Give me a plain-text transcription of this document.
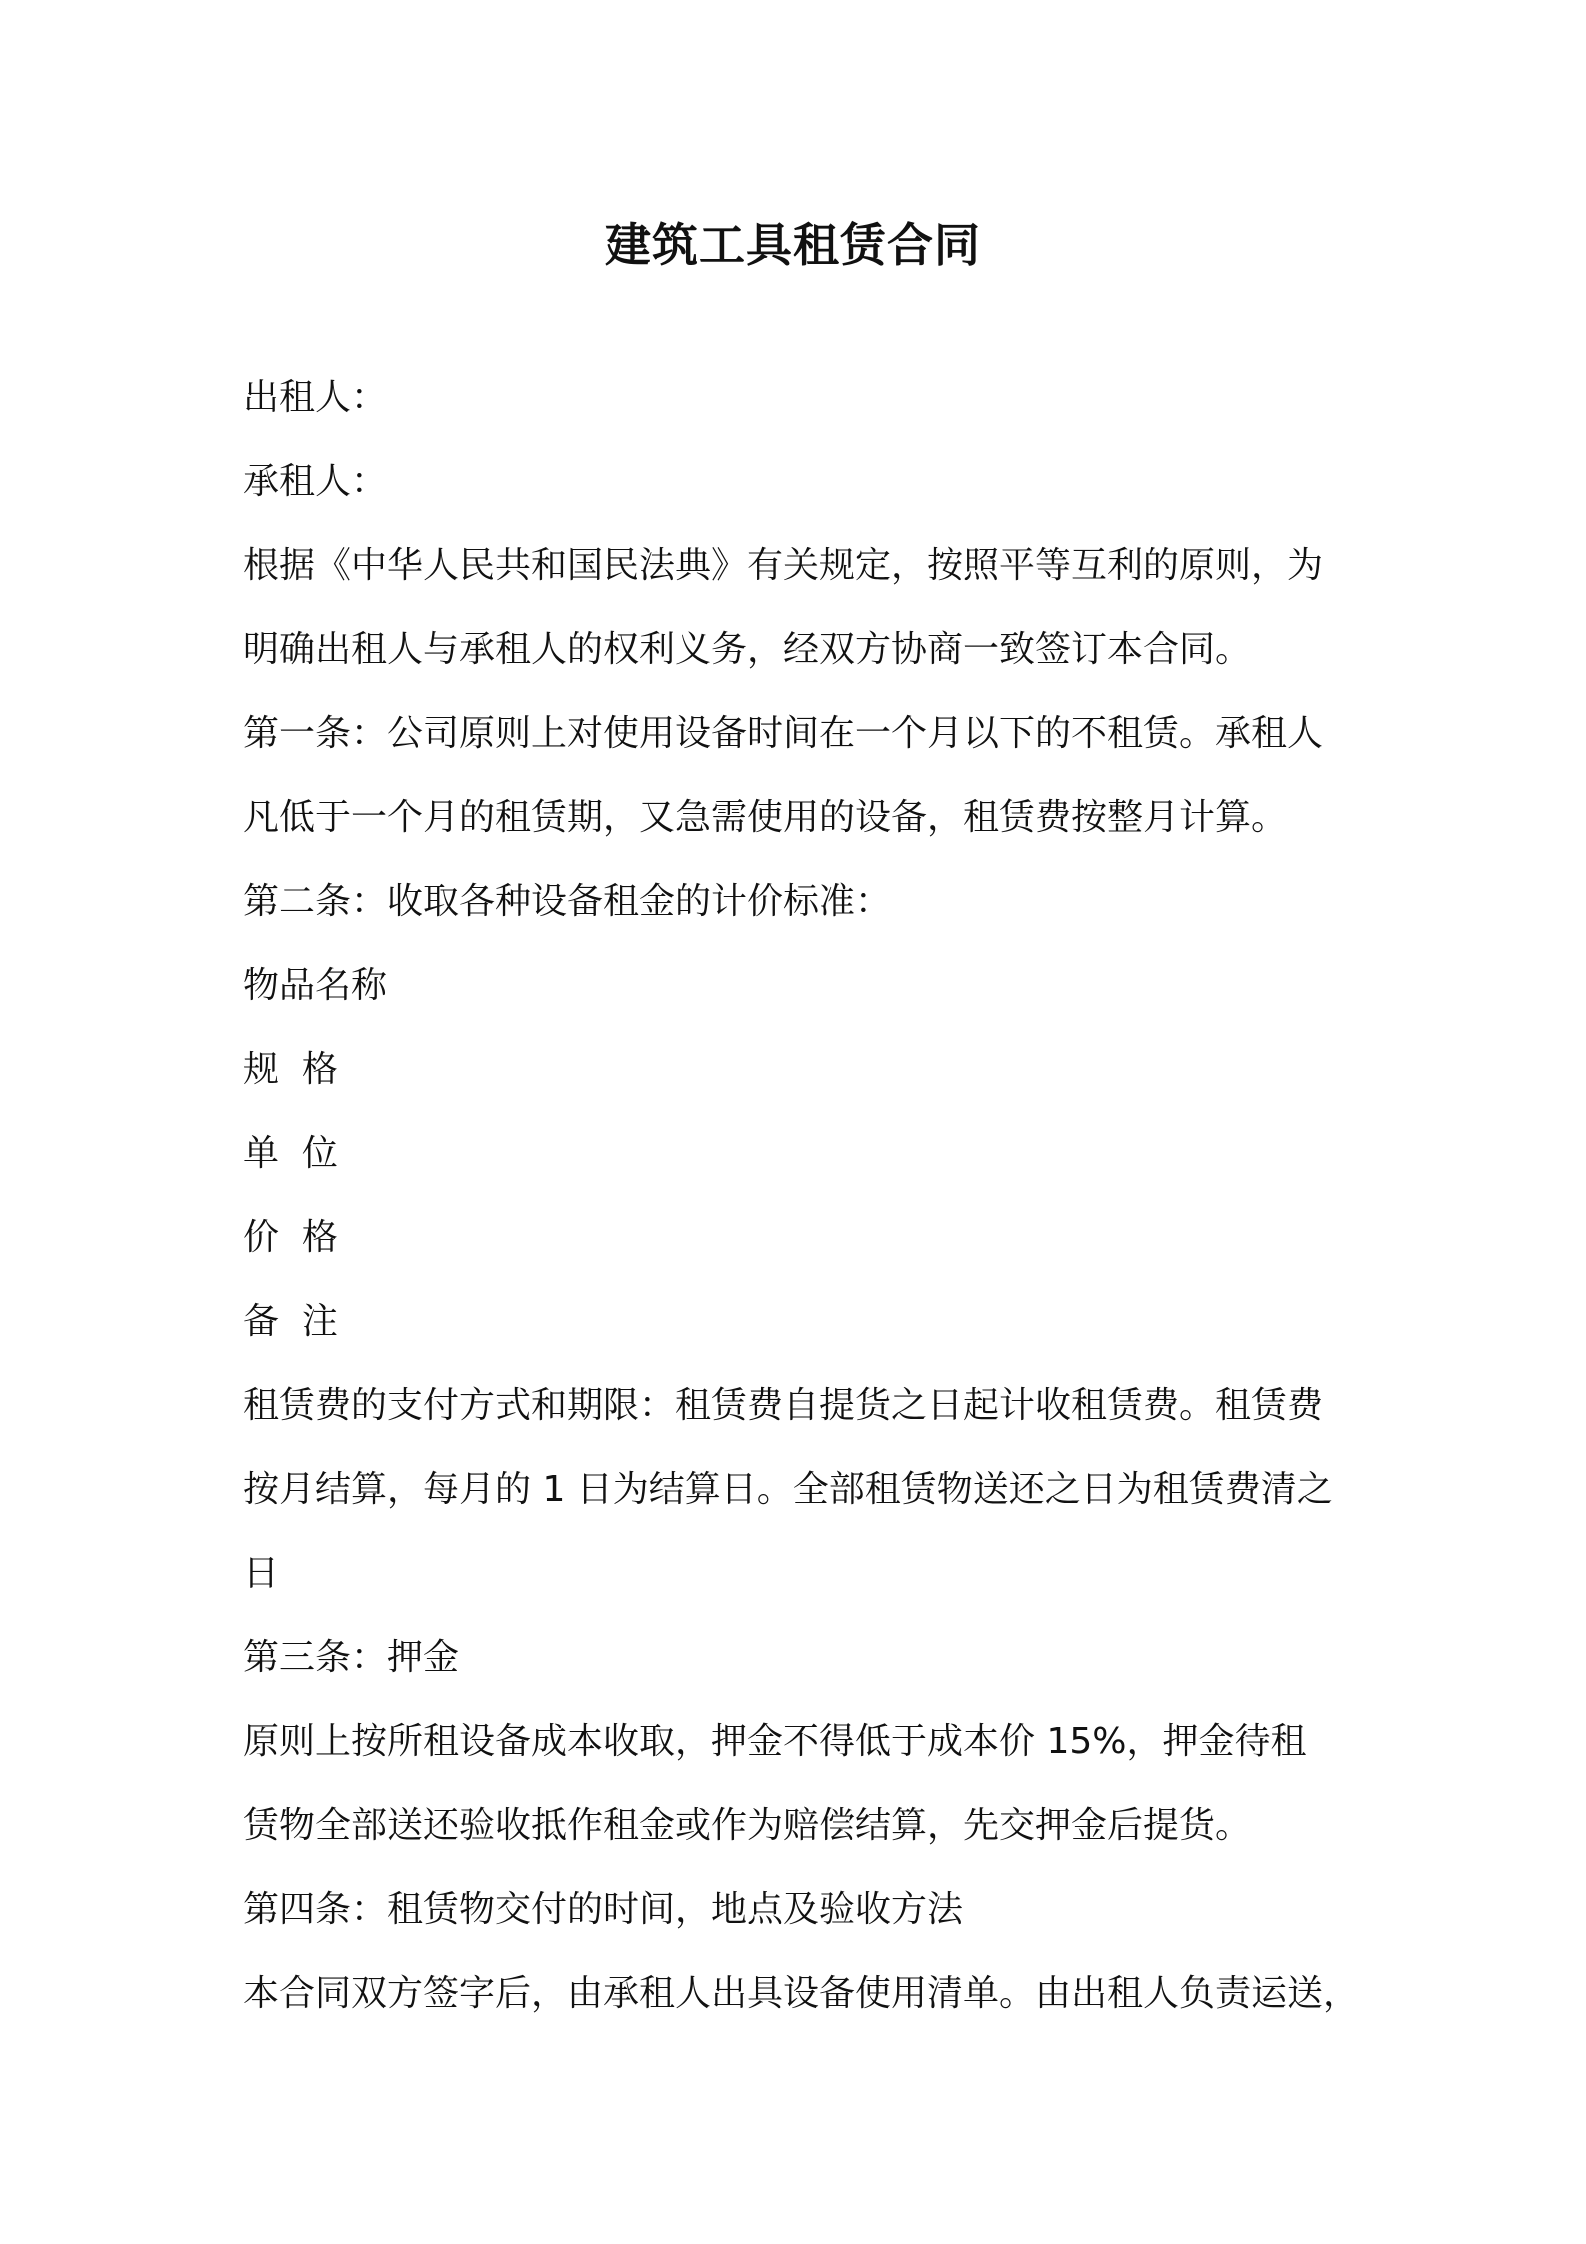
建筑工具租赁合同
出租人：
承租人：
根据《中华人民共和国民法典》有关规定，按照平等互利的原则，为
明确出租人与承租人的权利义务，经双方协商一致签订本合同。
第一条：公司原则上对使用设备时间在一个月以下的不租赁。承租人
凡低于一个月的租赁期，又急需使用的设备，租赁费按整月计算。
第二条：收取各种设备租金的计价标准：
物品名称
规  格
单  位
价  格
备  注
租赁费的支付方式和期限：租赁费自提货之日起计收租赁费。租赁费
按月结算，每月的 1 日为结算日。全部租赁物送还之日为租赁费清之
日
第三条：押金
原则上按所租设备成本收取，押金不得低于成本价 15%，押金待租
赁物全部送还验收抵作租金或作为赔偿结算，先交押金后提货。
第四条：租赁物交付的时间，地点及验收方法
本合同双方签字后，由承租人出具设备使用清单。由出租人负责运送，
